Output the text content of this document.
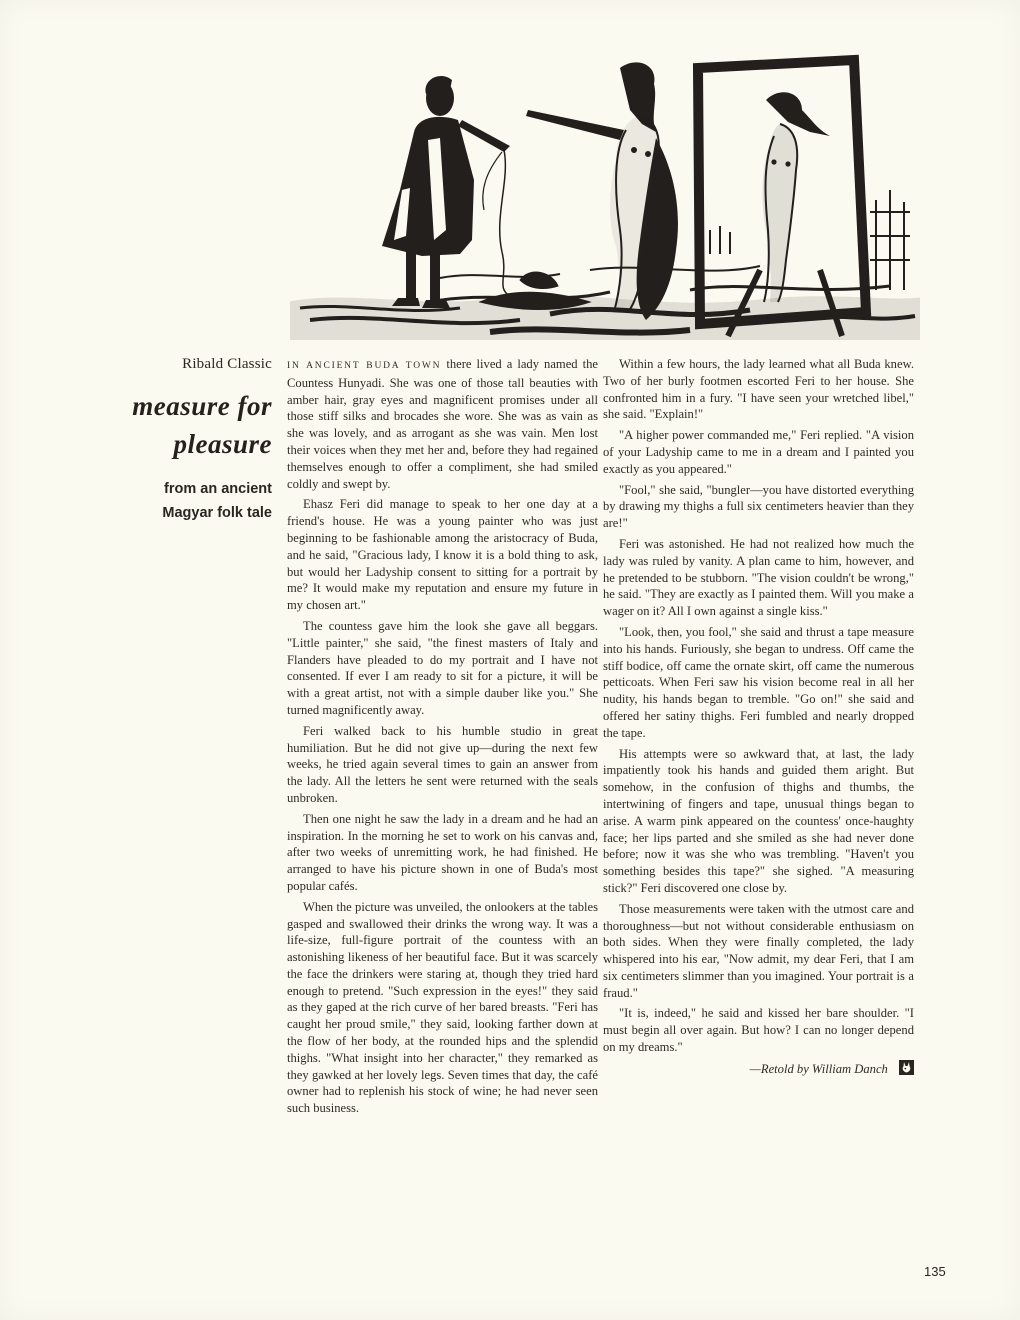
Ribald Classic
measure for
pleasure
from an ancient
Magyar folk tale

IN ANCIENT BUDA TOWN there lived a lady named the Countess Hunyadi. She was one of those tall beauties with amber hair, gray eyes and magnificent promises under all those stiff silks and brocades she wore. She was as vain as she was lovely, and as arrogant as she was vain. Men lost their voices when they met her and, before they had regained themselves enough to offer a compliment, she had smiled coldly and swept by.

Ehasz Feri did manage to speak to her one day at a friend's house. He was a young painter who was just beginning to be fashionable among the aristocracy of Buda, and he said, "Gracious lady, I know it is a bold thing to ask, but would her Ladyship consent to sitting for a portrait by me? It would make my reputation and ensure my future in my chosen art."

The countess gave him the look she gave all beggars. "Little painter," she said, "the finest masters of Italy and Flanders have pleaded to do my portrait and I have not consented. If ever I am ready to sit for a picture, it will be with a great artist, not with a simple dauber like you." She turned magnificently away.

Feri walked back to his humble studio in great humiliation. But he did not give up—during the next few weeks, he tried again several times to gain an answer from the lady. All the letters he sent were returned with the seals unbroken.

Then one night he saw the lady in a dream and he had an inspiration. In the morning he set to work on his canvas and, after two weeks of unremitting work, he had finished. He arranged to have his picture shown in one of Buda's most popular cafés.

When the picture was unveiled, the onlookers at the tables gasped and swallowed their drinks the wrong way. It was a life-size, full-figure portrait of the countess with an astonishing likeness of her beautiful face. But it was scarcely the face the drinkers were staring at, though they tried hard enough to pretend. "Such expression in the eyes!" they said as they gaped at the rich curve of her bared breasts. "Feri has caught her proud smile," they said, looking farther down at the flow of her body, at the rounded hips and the splendid thighs. "What insight into her character," they remarked as they gawked at her lovely legs. Seven times that day, the café owner had to replenish his stock of wine; he had never seen such business.

Within a few hours, the lady learned what all Buda knew. Two of her burly footmen escorted Feri to her house. She confronted him in a fury. "I have seen your wretched libel," she said. "Explain!"

"A higher power commanded me," Feri replied. "A vision of your Ladyship came to me in a dream and I painted you exactly as you appeared."

"Fool," she said, "bungler—you have distorted everything by drawing my thighs a full six centimeters heavier than they are!"

Feri was astonished. He had not realized how much the lady was ruled by vanity. A plan came to him, however, and he pretended to be stubborn. "The vision couldn't be wrong," he said. "They are exactly as I painted them. Will you make a wager on it? All I own against a single kiss."

"Look, then, you fool," she said and thrust a tape measure into his hands. Furiously, she began to undress. Off came the stiff bodice, off came the ornate skirt, off came the numerous petticoats. When Feri saw his vision become real in all her nudity, his hands began to tremble. "Go on!" she said and offered her satiny thighs. Feri fumbled and nearly dropped the tape.

His attempts were so awkward that, at last, the lady impatiently took his hands and guided them aright. But somehow, in the confusion of thighs and thumbs, the intertwining of fingers and tape, unusual things began to arise. A warm pink appeared on the countess' once-haughty face; her lips parted and she smiled as she had never done before; now it was she who was trembling. "Haven't you something besides this tape?" she sighed. "A measuring stick?" Feri discovered one close by.

Those measurements were taken with the utmost care and thoroughness—but not without considerable enthusiasm on both sides. When they were finally completed, the lady whispered into his ear, "Now admit, my dear Feri, that I am six centimeters slimmer than you imagined. Your portrait is a fraud."

"It is, indeed," he said and kissed her bare shoulder. "I must begin all over again. But how? I can no longer depend on my dreams."

—Retold by William Danch
135
